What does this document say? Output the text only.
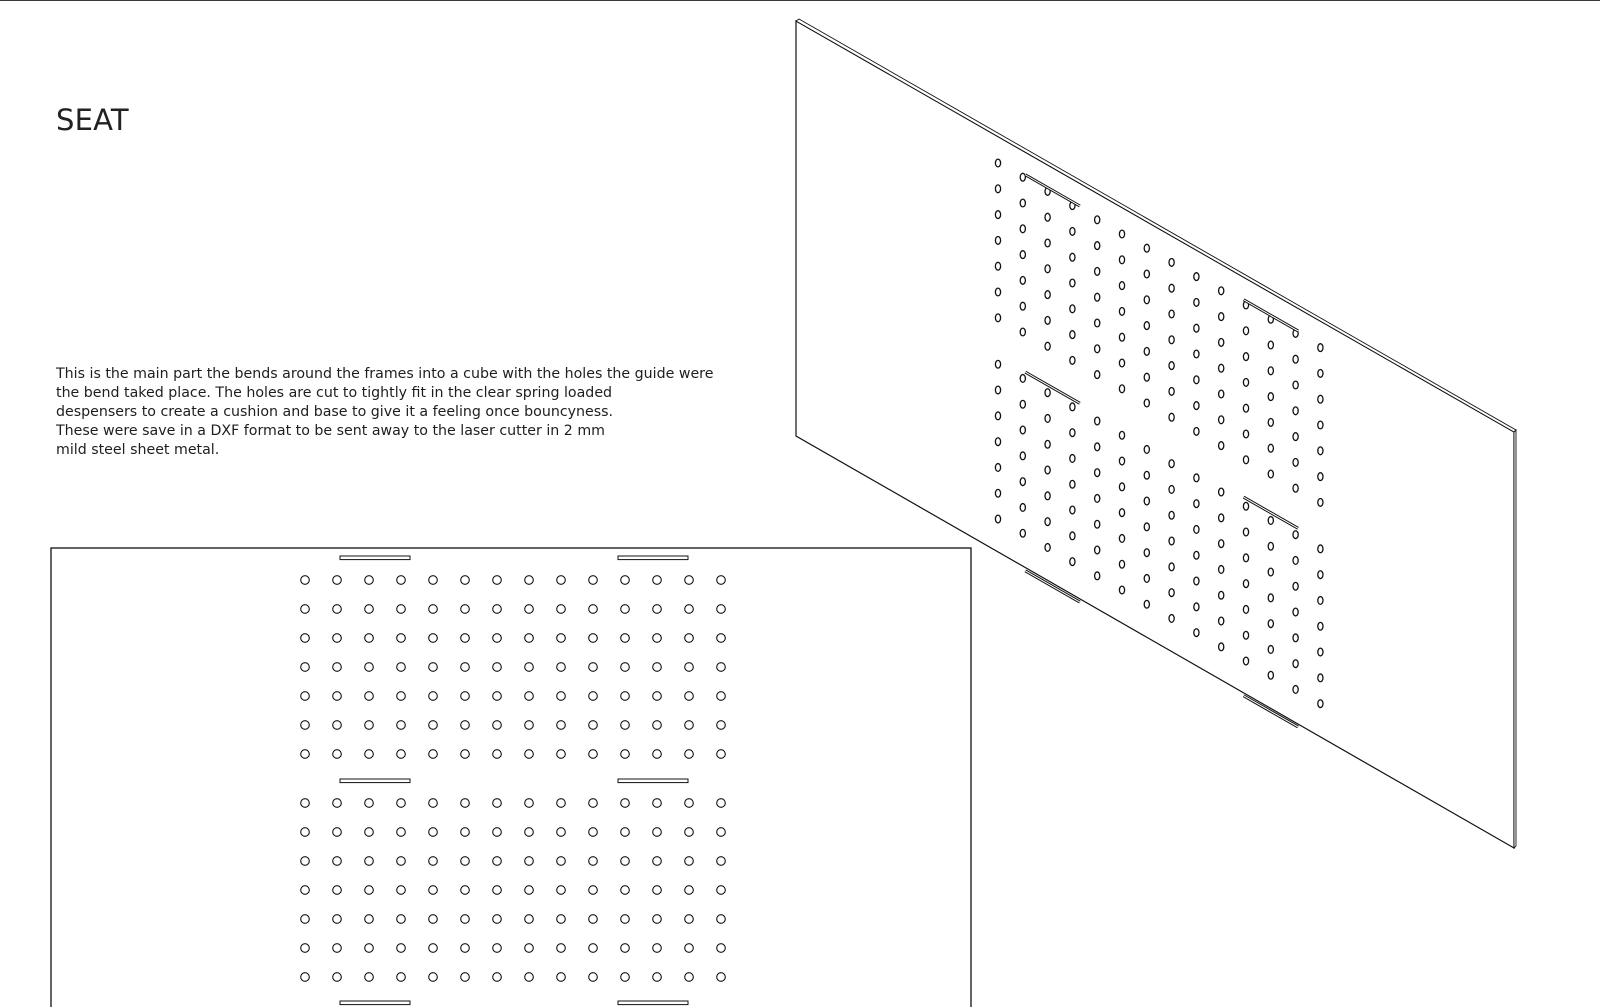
SEAT

This is the main part the bends around the frames into a cube with the holes the guide were
the bend taked place. The holes are cut to tightly fit in the clear spring loaded
despensers to create a cushion and base to give it a feeling once bouncyness.
These were save in a DXF format to be sent away to the laser cutter in 2 mm
mild steel sheet metal.
